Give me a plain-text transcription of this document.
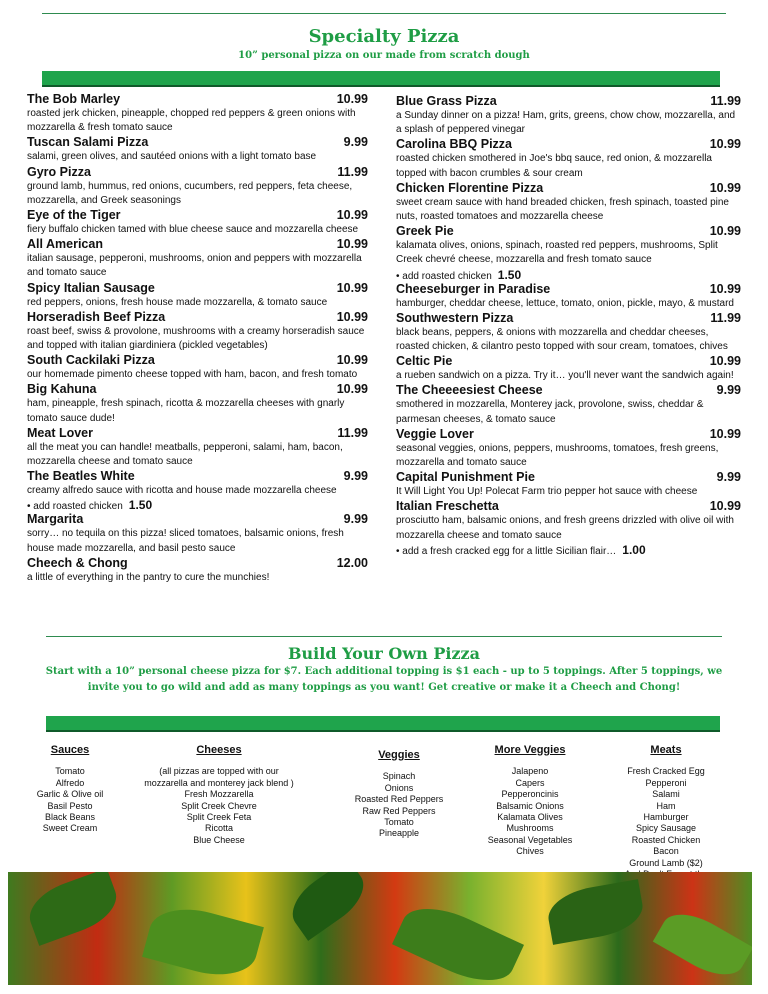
Specialty Pizza
10” personal pizza on our made from scratch dough
The Bob Marley	10.99
roasted jerk chicken, pineapple, chopped red peppers & green onions with mozzarella & fresh tomato sauce
Tuscan Salami Pizza	9.99
salami, green olives, and sautéed onions with a light tomato base
Gyro Pizza	11.99
ground lamb, hummus, red onions, cucumbers, red peppers, feta cheese, mozzarella, and Greek seasonings
Eye of the Tiger	10.99
fiery buffalo chicken tamed with blue cheese sauce and mozzarella cheese
All American	10.99
italian sausage, pepperoni, mushrooms, onion and peppers with mozzarella and tomato sauce
Spicy Italian Sausage	10.99
red peppers, onions, fresh house made mozzarella, & tomato sauce
Horseradish Beef Pizza	10.99
roast beef, swiss & provolone, mushrooms with a creamy horseradish sauce and topped with italian giardiniera (pickled vegetables)
South Cackilaki Pizza	10.99
our homemade pimento cheese topped with ham, bacon, and fresh tomato
Big Kahuna	10.99
ham, pineapple, fresh spinach, ricotta & mozzarella cheeses with gnarly tomato sauce dude!
Meat Lover	11.99
all the meat you can handle! meatballs, pepperoni, salami, ham, bacon, mozzarella cheese and tomato sauce
The Beatles White	9.99
creamy alfredo sauce with ricotta and house made mozzarella cheese
• add roasted chicken 1.50
Margarita	9.99
sorry… no tequila on this pizza! sliced tomatoes, balsamic onions, fresh house made mozzarella, and basil pesto sauce
Cheech & Chong	12.00
a little of everything in the pantry to cure the munchies!
Blue Grass Pizza	11.99
a Sunday dinner on a pizza! Ham, grits, greens, chow chow, mozzarella, and a splash of peppered vinegar
Carolina BBQ Pizza	10.99
roasted chicken smothered in Joe's bbq sauce, red onion, & mozzarella topped with bacon crumbles & sour cream
Chicken Florentine Pizza	10.99
sweet cream sauce with hand breaded chicken, fresh spinach, toasted pine nuts, roasted tomatoes and mozzarella cheese
Greek Pie	10.99
kalamata olives, onions, spinach, roasted red peppers, mushrooms, Split Creek chevré cheese, mozzarella and fresh tomato sauce
• add roasted chicken 1.50
Cheeseburger in Paradise	10.99
hamburger, cheddar cheese, lettuce, tomato, onion, pickle, mayo, & mustard
Southwestern Pizza	11.99
black beans, peppers, & onions with mozzarella and cheddar cheeses, roasted chicken, & cilantro pesto topped with sour cream, tomatoes, chives
Celtic Pie	10.99
a rueben sandwich on a pizza. Try it… you'll never want the sandwich again!
The Cheeeesiest Cheese	9.99
smothered in mozzarella, Monterey jack, provolone, swiss, cheddar & parmesan cheeses, & tomato sauce
Veggie Lover	10.99
seasonal veggies, onions, peppers, mushrooms, tomatoes, fresh greens, mozzarella and tomato sauce
Capital Punishment Pie	9.99
It Will Light You Up! Polecat Farm trio pepper hot sauce with cheese
Italian Freschetta	10.99
prosciutto ham, balsamic onions, and fresh greens drizzled with olive oil with mozzarella cheese and tomato sauce
• add a fresh cracked egg for a little Sicilian flair… 1.00
Build Your Own Pizza
Start with a 10” personal cheese pizza for $7. Each additional topping is $1 each - up to 5 toppings. After 5 toppings, we invite you to go wild and add as many toppings as you want! Get creative or make it a Cheech and Chong!
Sauces
Tomato
Alfredo
Garlic & Olive oil
Basil Pesto
Black Beans
Sweet Cream
Cheeses
(all pizzas are topped with our
mozzarella and monterey jack blend )
Fresh Mozzarella
Split Creek Chevre
Split Creek Feta
Ricotta
Blue Cheese
Veggies
Spinach
Onions
Roasted Red Peppers
Raw Red Peppers
Tomato
Pineapple
More Veggies
Jalapeno
Capers
Pepperoncinis
Balsamic Onions
Kalamata Olives
Mushrooms
Seasonal Vegetables
Chives
Meats
Fresh Cracked Egg
Pepperoni
Salami
Ham
Hamburger
Spicy Sausage
Roasted Chicken
Bacon
Ground Lamb ($2)
